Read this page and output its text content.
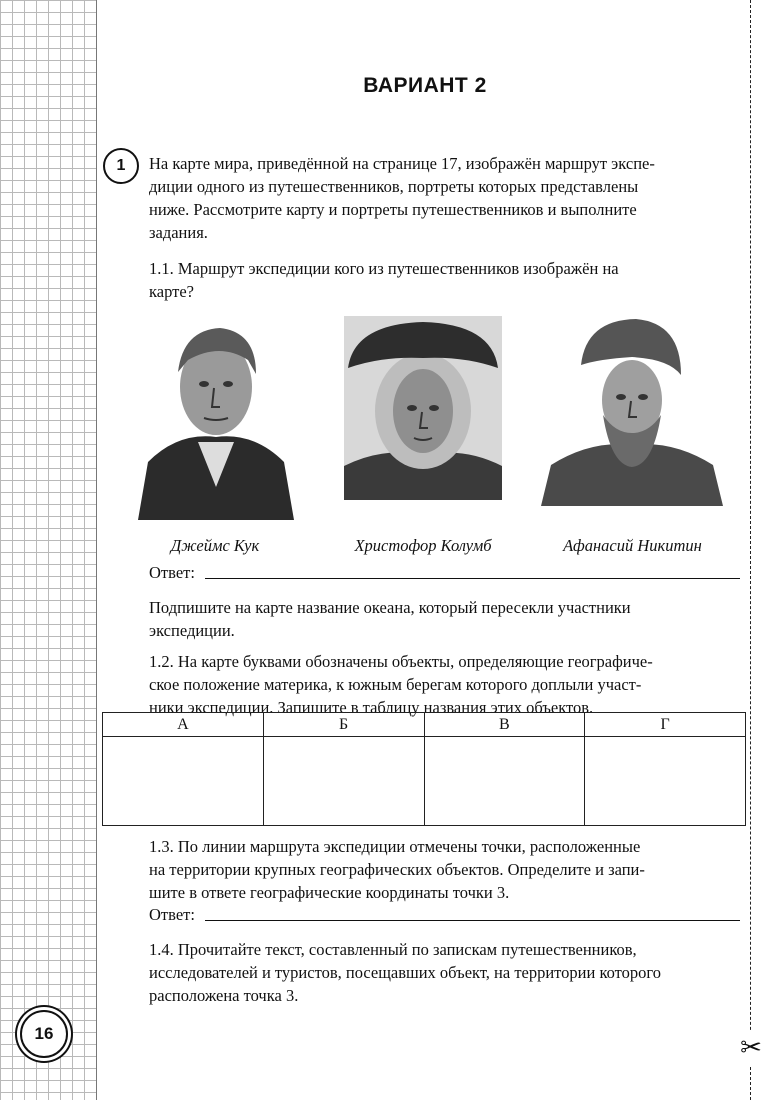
✂
ВАРИАНТ 2
1	На карте мира, приведённой на странице 17, изображён маршрут экспе-
диции одного из путешественников, портреты которых представлены
ниже. Рассмотрите карту и портреты путешественников и выполните
задания.
1.1. Маршрут экспедиции кого из путешественников изображён на
карте?
Джеймс Кук	Христофор Колумб	Афанасий Никитин
Ответ:
Подпишите на карте название океана, который пересекли участники
экспедиции.
1.2. На карте буквами обозначены объекты, определяющие географиче-
ское положение материка, к южным берегам которого доплыли участ-
ники экспедиции. Запишите в таблицу названия этих объектов.
А	Б	В	Г

1.3. По линии маршрута экспедиции отмечены точки, расположенные
на территории крупных географических объектов. Определите и запи-
шите в ответе географические координаты точки 3.
Ответ:
1.4. Прочитайте текст, составленный по запискам путешественников,
исследователей и туристов, посещавших объект, на территории которого
расположена точка 3.
16
